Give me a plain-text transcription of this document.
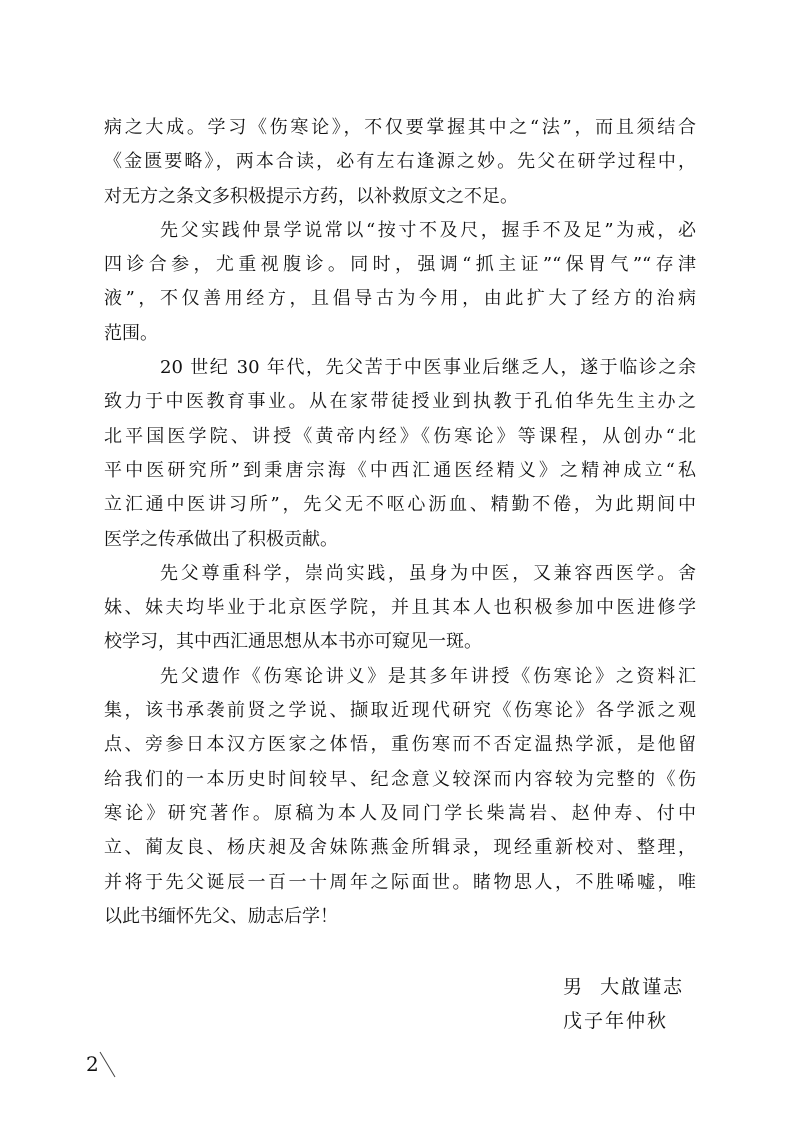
病之大成。学习《伤寒论》，不仅要掌握其中之“法”，而且须结合
《金匮要略》，两本合读，必有左右逢源之妙。先父在研学过程中，
对无方之条文多积极提示方药，以补救原文之不足。
先父实践仲景学说常以“按寸不及尺，握手不及足”为戒，必
四诊合参，尤重视腹诊。同时，强调“抓主证”“保胃气”“存津
液”，不仅善用经方，且倡导古为今用，由此扩大了经方的治病
范围。
20 世纪 30 年代，先父苦于中医事业后继乏人，遂于临诊之余
致力于中医教育事业。从在家带徒授业到执教于孔伯华先生主办之
北平国医学院、讲授《黄帝内经》《伤寒论》等课程，从创办“北
平中医研究所”到秉唐宗海《中西汇通医经精义》之精神成立“私
立汇通中医讲习所”，先父无不呕心沥血、精勤不倦，为此期间中
医学之传承做出了积极贡献。
先父尊重科学，崇尚实践，虽身为中医，又兼容西医学。舍
妹、妹夫均毕业于北京医学院，并且其本人也积极参加中医进修学
校学习，其中西汇通思想从本书亦可窥见一斑。
先父遗作《伤寒论讲义》是其多年讲授《伤寒论》之资料汇
集，该书承袭前贤之学说、撷取近现代研究《伤寒论》各学派之观
点、旁参日本汉方医家之体悟，重伤寒而不否定温热学派，是他留
给我们的一本历史时间较早、纪念意义较深而内容较为完整的《伤
寒论》研究著作。原稿为本人及同门学长柴嵩岩、赵仲寿、付中
立、蔺友良、杨庆昶及舍妹陈燕金所辑录，现经重新校对、整理，
并将于先父诞辰一百一十周年之际面世。睹物思人，不胜唏嘘，唯
以此书缅怀先父、励志后学！
男  大啟谨志
戊子年仲秋
2
